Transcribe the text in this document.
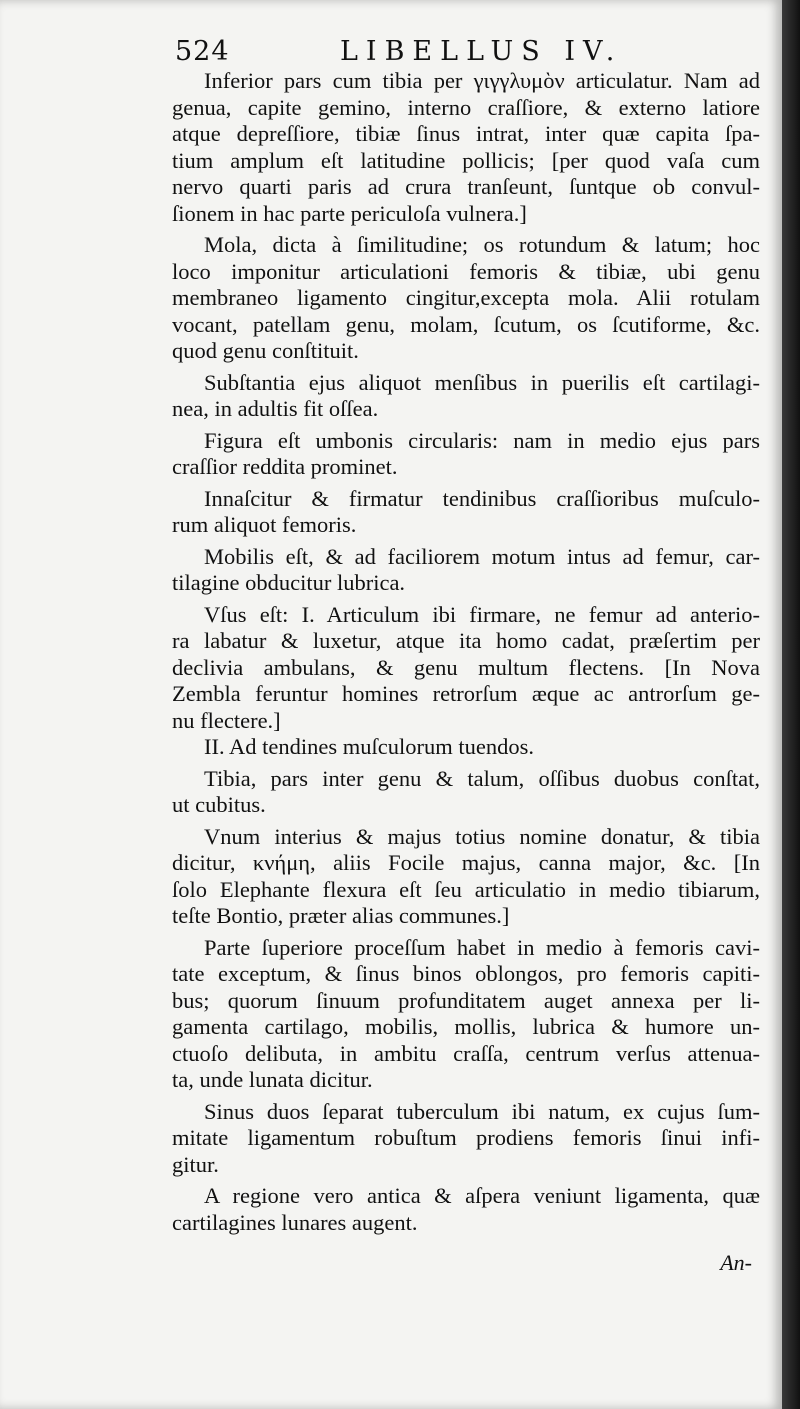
524	LIBELLUS IV.
Inferior pars cum tibia per γιγγλυμὸν articulatur. Nam ad
genua, capite gemino, interno craſſiore, & externo latiore
atque depreſſiore, tibiæ ſinus intrat, inter quæ capita ſpa-
tium amplum eſt latitudine pollicis; [per quod vaſa cum
nervo quarti paris ad crura tranſeunt, ſuntque ob convul-
ſionem in hac parte periculoſa vulnera.]
Mola, dicta à ſimilitudine; os rotundum & latum; hoc
loco imponitur articulationi femoris & tibiæ, ubi genu
membraneo ligamento cingitur,excepta mola. Alii rotulam
vocant, patellam genu, molam, ſcutum, os ſcutiforme, &c.
quod genu conſtituit.
Subſtantia ejus aliquot menſibus in puerilis eſt cartilagi-
nea, in adultis fit oſſea.
Figura eſt umbonis circularis: nam in medio ejus pars
craſſior reddita prominet.
Innaſcitur & firmatur tendinibus craſſioribus muſculo-
rum aliquot femoris.
Mobilis eſt, & ad faciliorem motum intus ad femur, car-
tilagine obducitur lubrica.
Vſus eſt: I. Articulum ibi firmare, ne femur ad anterio-
ra labatur & luxetur, atque ita homo cadat, præſertim per
declivia ambulans, & genu multum flectens. [In Nova
Zembla feruntur homines retrorſum æque ac antrorſum ge-
nu flectere.]
II. Ad tendines muſculorum tuendos.
Tibia, pars inter genu & talum, oſſibus duobus conſtat,
ut cubitus.
Vnum interius & majus totius nomine donatur, & tibia
dicitur, κνήμη, aliis Focile majus, canna major, &c. [In
ſolo Elephante flexura eſt ſeu articulatio in medio tibiarum,
teſte Bontio, præter alias communes.]
Parte ſuperiore proceſſum habet in medio à femoris cavi-
tate exceptum, & ſinus binos oblongos, pro femoris capiti-
bus; quorum ſinuum profunditatem auget annexa per li-
gamenta cartilago, mobilis, mollis, lubrica & humore un-
ctuoſo delibuta, in ambitu craſſa, centrum verſus attenua-
ta, unde lunata dicitur.
Sinus duos ſeparat tuberculum ibi natum, ex cujus ſum-
mitate ligamentum robuſtum prodiens femoris ſinui infi-
gitur.
A regione vero antica & aſpera veniunt ligamenta, quæ
cartilagines lunares augent.
An-
